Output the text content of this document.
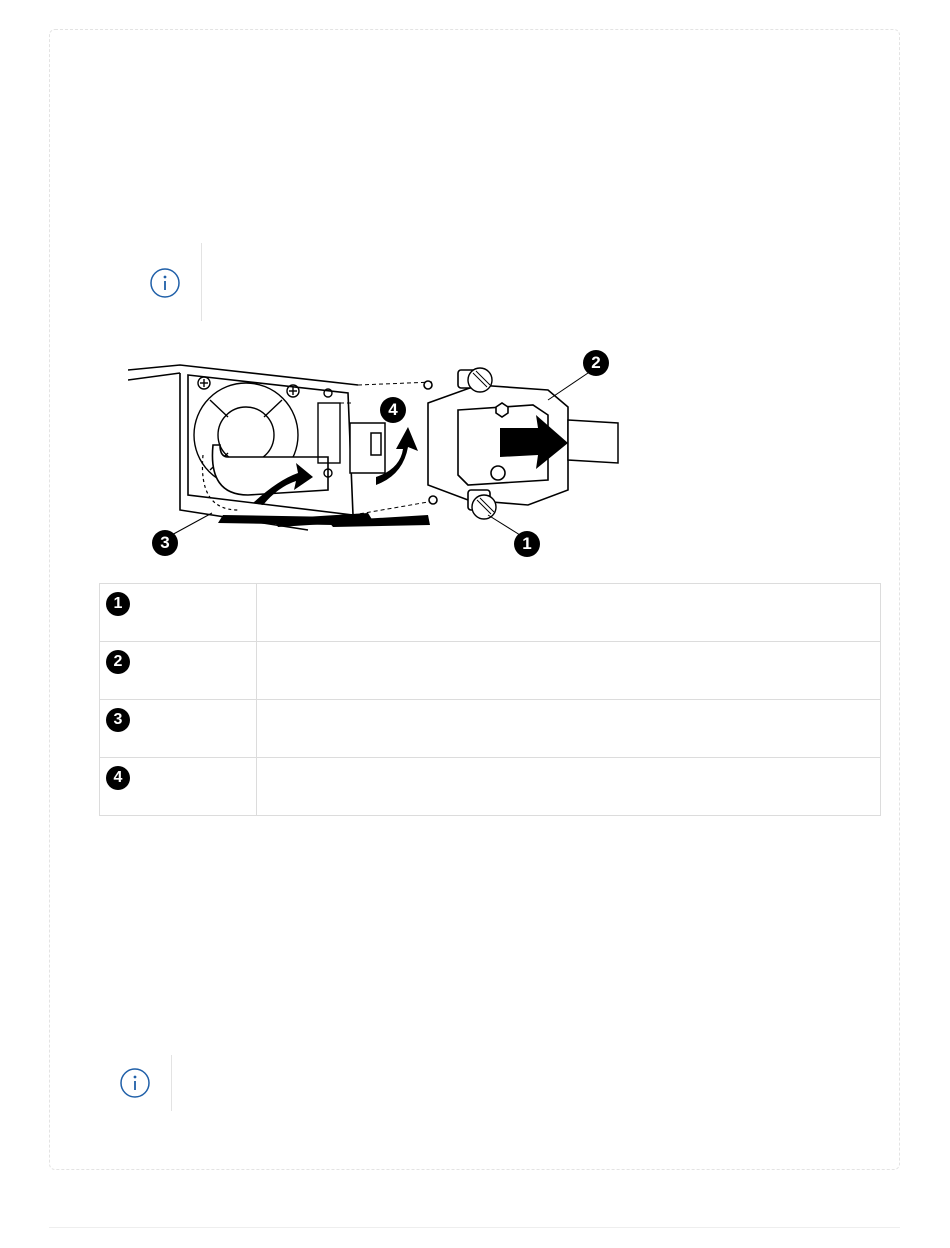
2
4
3	1
1	

2	

3	

4	
